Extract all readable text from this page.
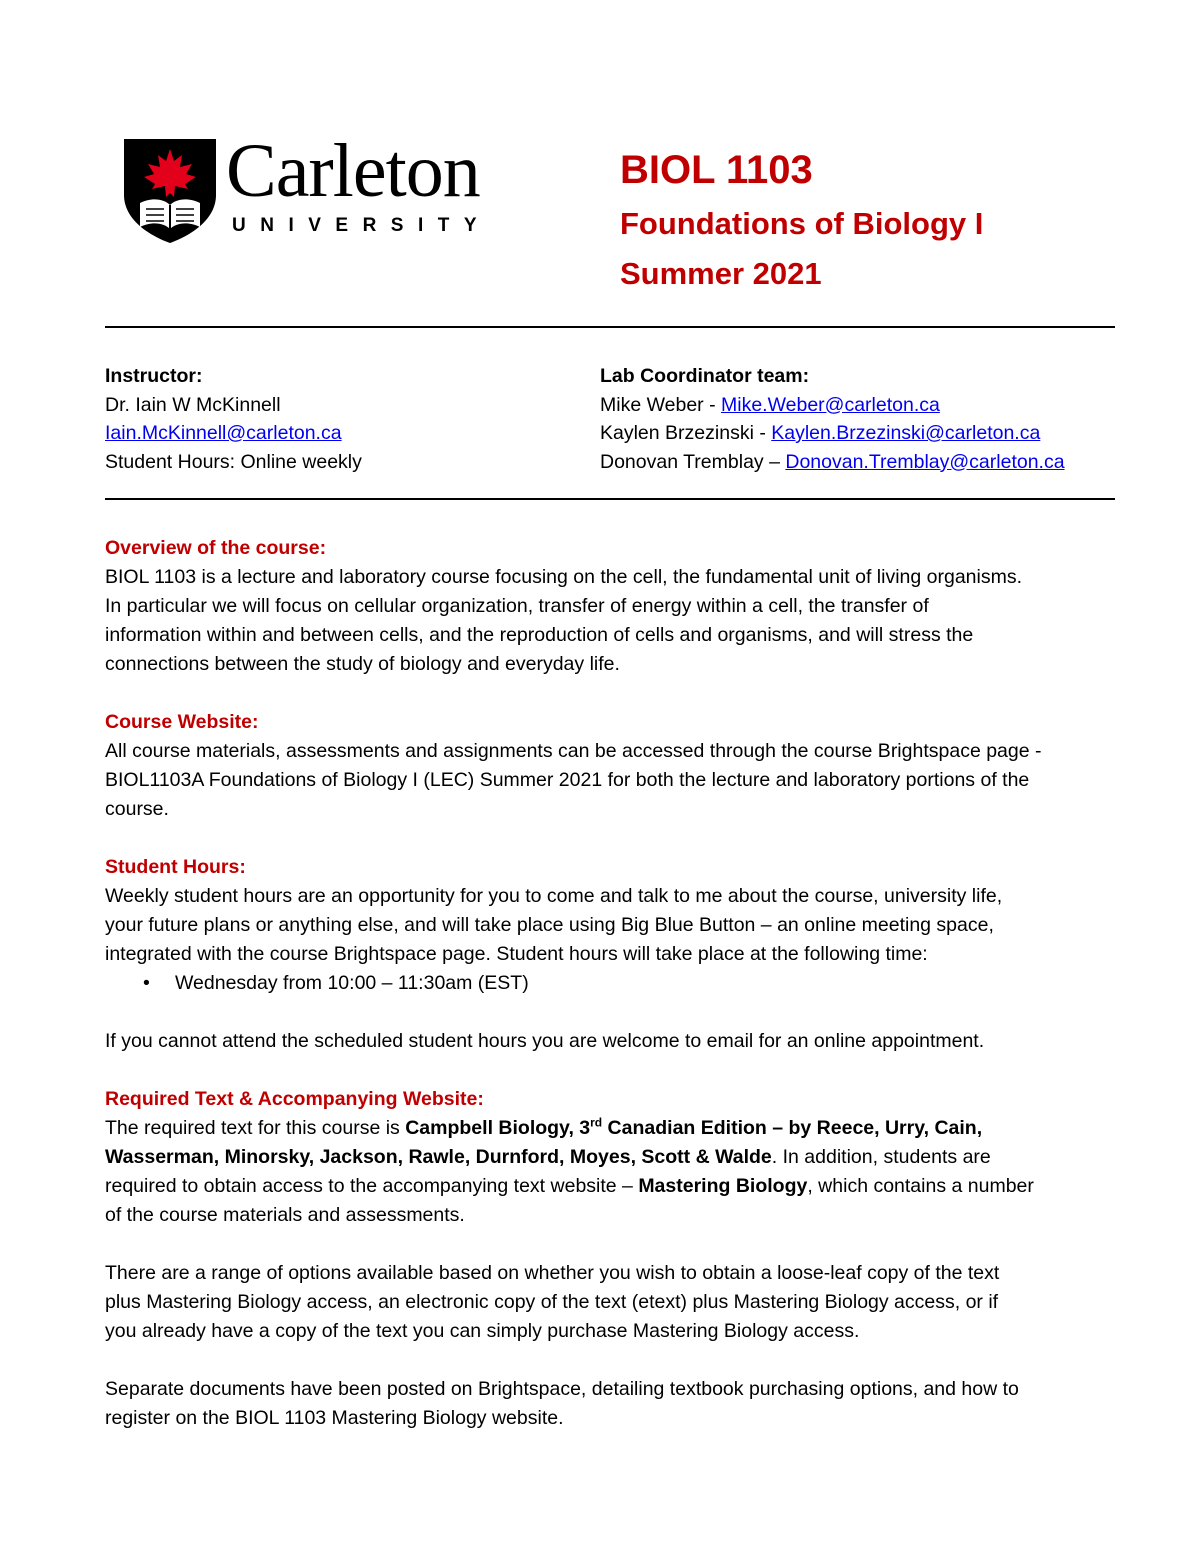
Carleton
UNIVERSITY

BIOL 1103

Foundations of Biology I

Summer 2021

Instructor:
Dr. Iain W McKinnell
Iain.McKinnell@carleton.ca
Student Hours: Online weekly
Lab Coordinator team:
Mike Weber - Mike.Weber@carleton.ca
Kaylen Brzezinski - Kaylen.Brzezinski@carleton.ca
Donovan Tremblay – Donovan.Tremblay@carleton.ca

Overview of the course:

BIOL 1103 is a lecture and laboratory course focusing on the cell, the fundamental unit of living organisms.

In particular we will focus on cellular organization, transfer of energy within a cell, the transfer of

information within and between cells, and the reproduction of cells and organisms, and will stress the

connections between the study of biology and everyday life.

Course Website:

All course materials, assessments and assignments can be accessed through the course Brightspace page -

BIOL1103A Foundations of Biology I (LEC) Summer 2021 for both the lecture and laboratory portions of the

course.

Student Hours:

Weekly student hours are an opportunity for you to come and talk to me about the course, university life,

your future plans or anything else, and will take place using Big Blue Button – an online meeting space,

integrated with the course Brightspace page. Student hours will take place at the following time:

• Wednesday from 10:00 – 11:30am (EST)

If you cannot attend the scheduled student hours you are welcome to email for an online appointment.

Required Text & Accompanying Website:

The required text for this course is Campbell Biology, 3rd Canadian Edition – by Reece, Urry, Cain,

Wasserman, Minorsky, Jackson, Rawle, Durnford, Moyes, Scott & Walde. In addition, students are

required to obtain access to the accompanying text website – Mastering Biology, which contains a number

of the course materials and assessments.

There are a range of options available based on whether you wish to obtain a loose-leaf copy of the text

plus Mastering Biology access, an electronic copy of the text (etext) plus Mastering Biology access, or if

you already have a copy of the text you can simply purchase Mastering Biology access.

Separate documents have been posted on Brightspace, detailing textbook purchasing options, and how to

register on the BIOL 1103 Mastering Biology website.
